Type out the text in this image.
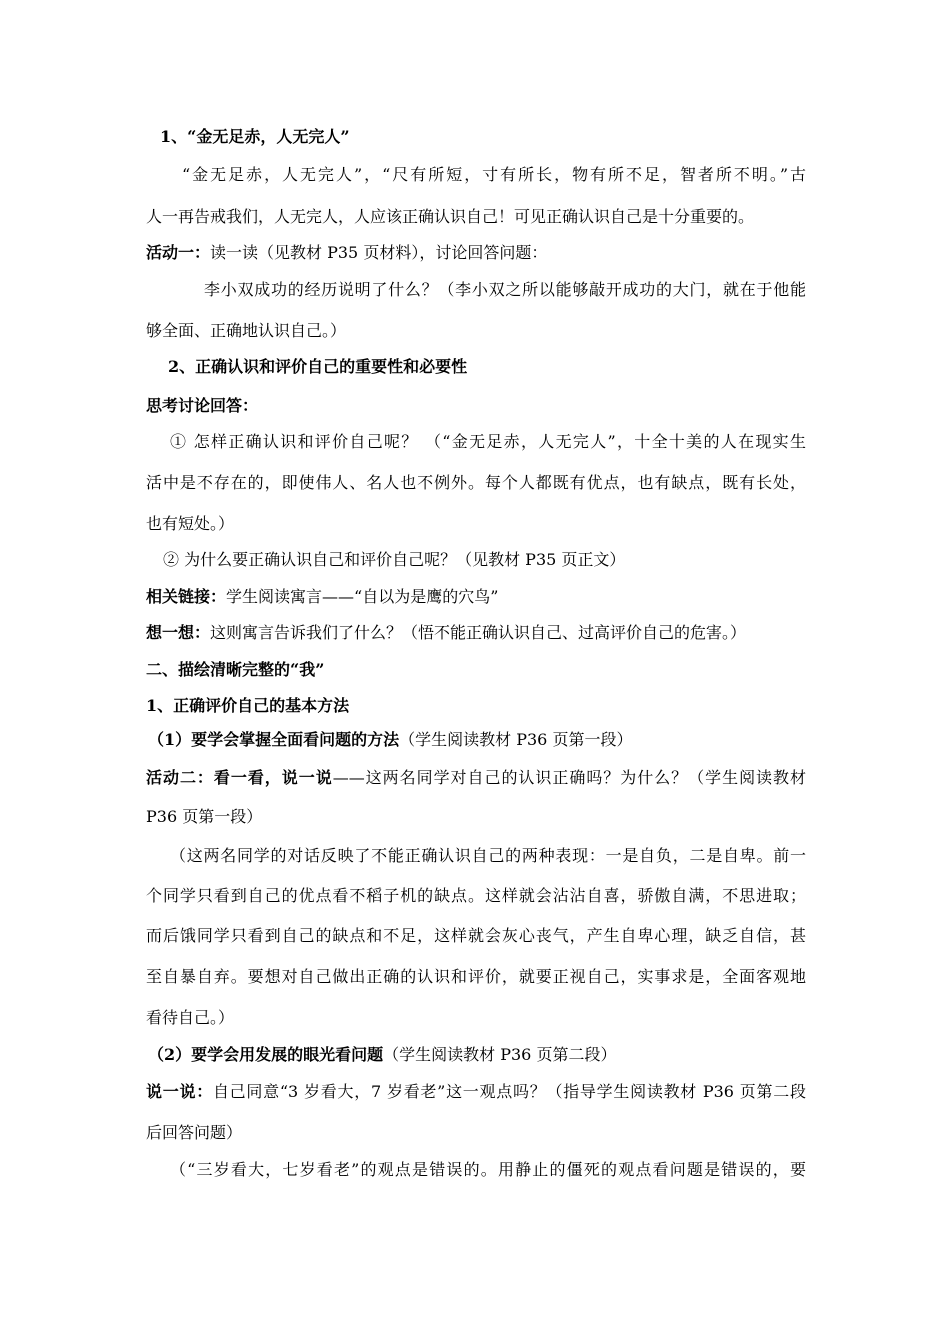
1、“金无足赤，人无完人”
“金无足赤，人无完人”，“尺有所短，寸有所长，物有所不足，智者所不明。”古
人一再告戒我们，人无完人，人应该正确认识自己！可见正确认识自己是十分重要的。
活动一：读一读（见教材 P35 页材料），讨论回答问题：
李小双成功的经历说明了什么？（李小双之所以能够敲开成功的大门，就在于他能
够全面、正确地认识自己。）
2、正确认识和评价自己的重要性和必要性
思考讨论回答：
① 怎样正确认识和评价自己呢？ （“金无足赤，人无完人”，十全十美的人在现实生
活中是不存在的，即使伟人、名人也不例外。每个人都既有优点，也有缺点，既有长处，
也有短处。）
② 为什么要正确认识自己和评价自己呢？（见教材 P35 页正文）
相关链接：学生阅读寓言——“自以为是鹰的穴鸟”
想一想：这则寓言告诉我们了什么？（悟不能正确认识自己、过高评价自己的危害。）
二、描绘清晰完整的“我”
1、正确评价自己的基本方法
（1）要学会掌握全面看问题的方法（学生阅读教材 P36 页第一段）
活动二：看一看，说一说——这两名同学对自己的认识正确吗？为什么？（学生阅读教材
P36 页第一段）
（这两名同学的对话反映了不能正确认识自己的两种表现：一是自负，二是自卑。前一
个同学只看到自己的优点看不稻子机的缺点。这样就会沾沾自喜，骄傲自满，不思进取；
而后饿同学只看到自己的缺点和不足，这样就会灰心丧气，产生自卑心理，缺乏自信，甚
至自暴自弃。要想对自己做出正确的认识和评价，就要正视自己，实事求是，全面客观地
看待自己。）
（2）要学会用发展的眼光看问题（学生阅读教材 P36 页第二段）
说一说：自己同意“3 岁看大，7 岁看老”这一观点吗？（指导学生阅读教材 P36 页第二段
后回答问题）
（“三岁看大，七岁看老”的观点是错误的。用静止的僵死的观点看问题是错误的，要
